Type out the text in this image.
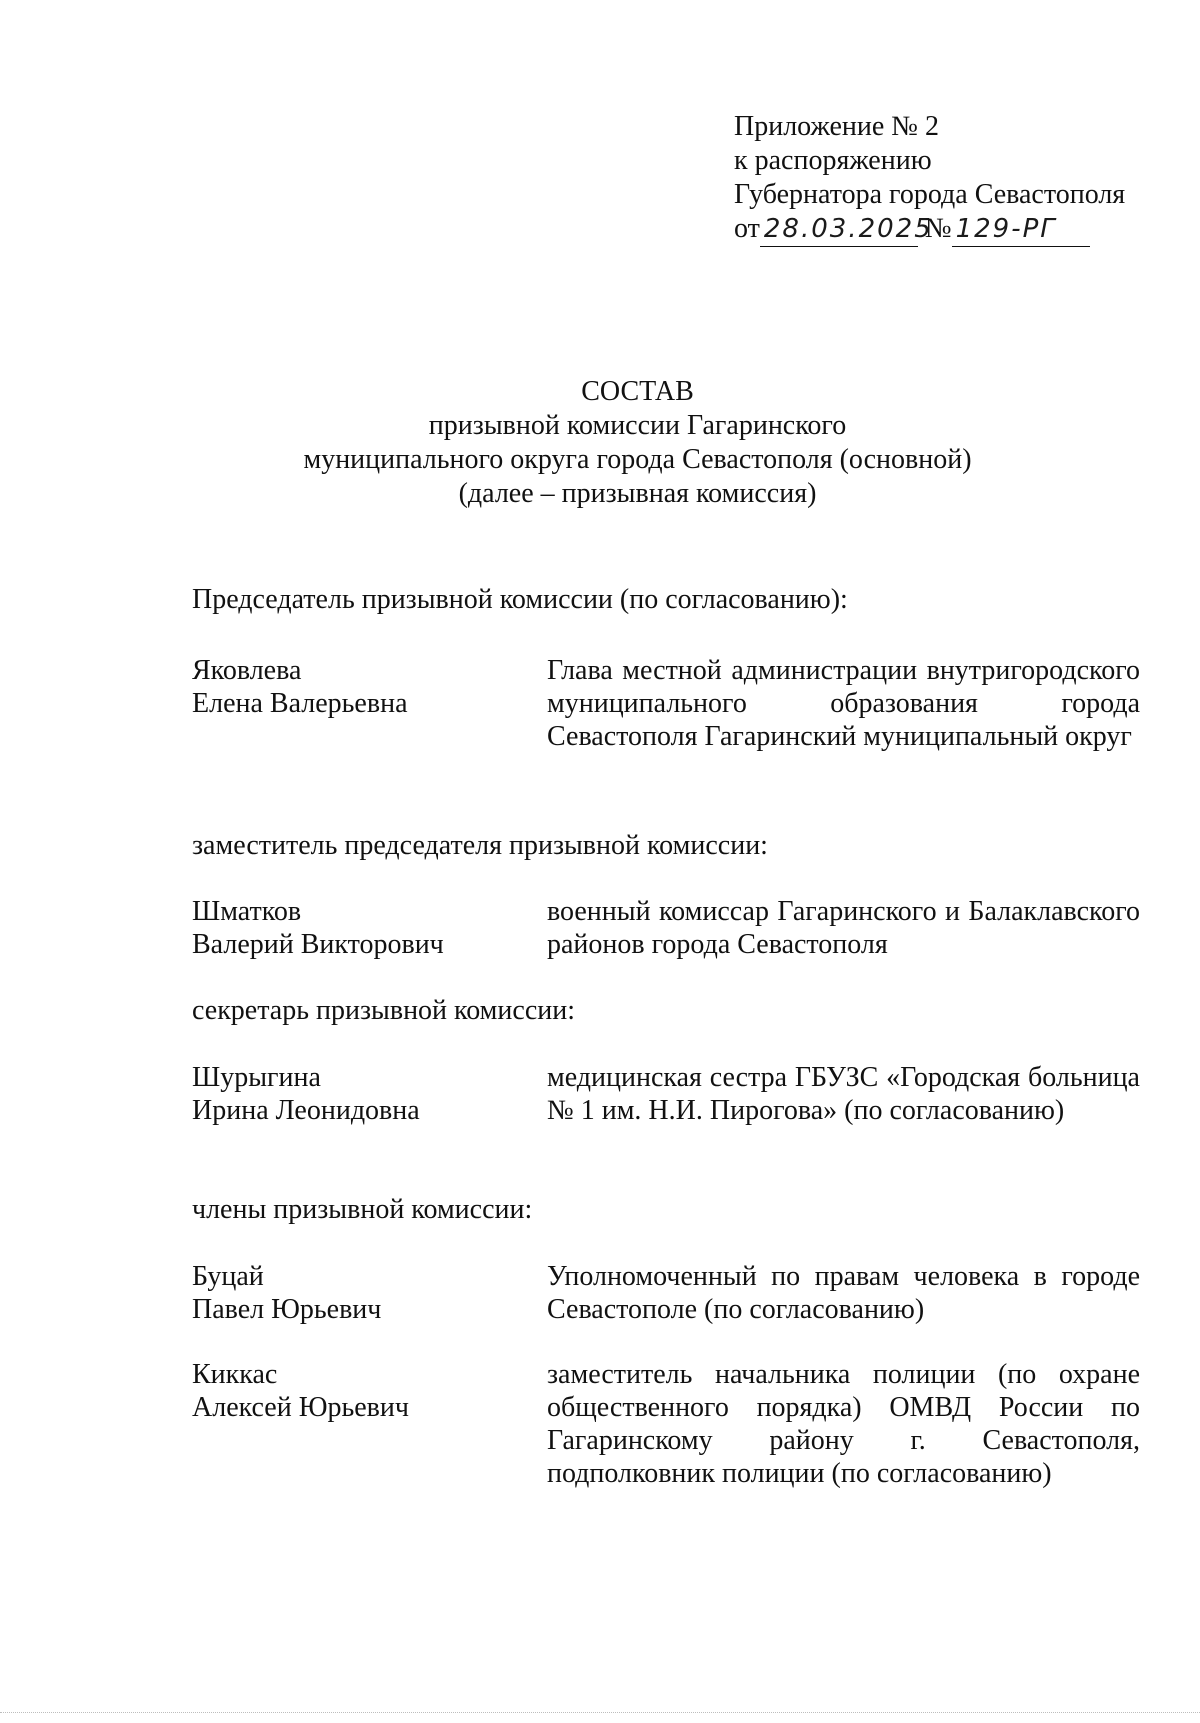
Приложение № 2
к распоряжению
Губернатора города Севастополя
от 28.03.2025 № 129-РГ
СОСТАВ
призывной комиссии Гагаринского
муниципального округа города Севастополя (основной)
(далее – призывная комиссия)
Председатель призывной комиссии (по согласованию):
Яковлева
Елена Валерьевна
Глава местной администрации внутригородского муниципального образования города Севастополя Гагаринский муниципальный округ
заместитель председателя призывной комиссии:
Шматков
Валерий Викторович
военный комиссар Гагаринского и Балаклавского районов города Севастополя
секретарь призывной комиссии:
Шурыгина
Ирина Леонидовна
медицинская сестра ГБУЗС «Городская больница № 1 им. Н.И. Пирогова» (по согласованию)
члены призывной комиссии:
Буцай
Павел Юрьевич
Уполномоченный по правам человека в городе Севастополе (по согласованию)
Киккас
Алексей Юрьевич
заместитель начальника полиции (по охране общественного порядка) ОМВД России по Гагаринскому району г. Севастополя, подполковник полиции (по согласованию)
